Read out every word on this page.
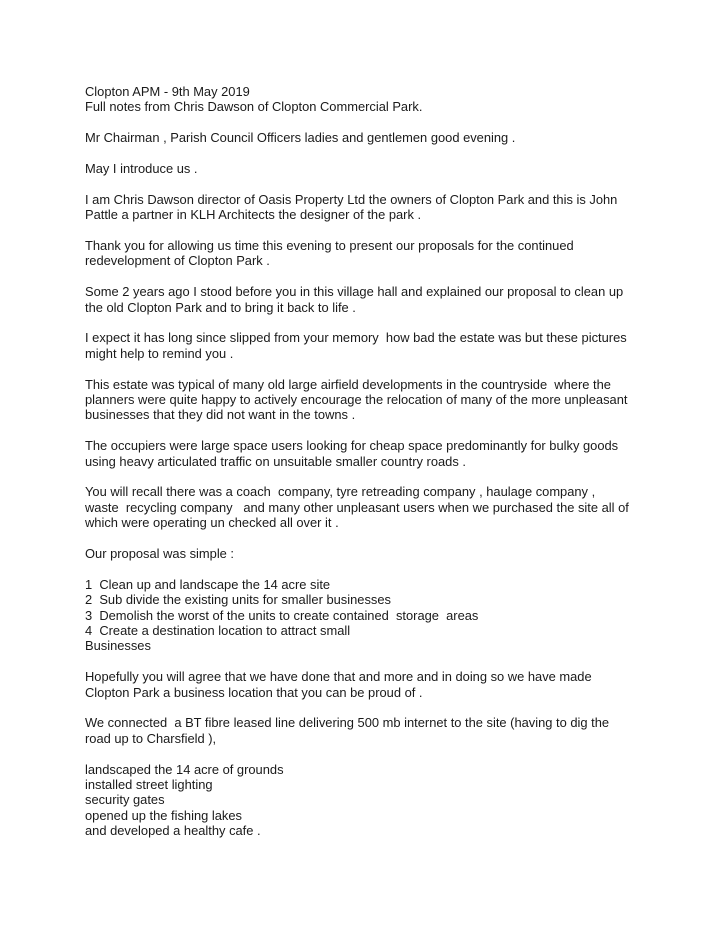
Clopton APM - 9th May 2019
Full notes from Chris Dawson of Clopton Commercial Park.

Mr Chairman , Parish Council Officers ladies and gentlemen good evening .

May I introduce us .

I am Chris Dawson director of Oasis Property Ltd the owners of Clopton Park and this is John
Pattle a partner in KLH Architects the designer of the park .

Thank you for allowing us time this evening to present our proposals for the continued
redevelopment of Clopton Park .

Some 2 years ago I stood before you in this village hall and explained our proposal to clean up
the old Clopton Park and to bring it back to life .

I expect it has long since slipped from your memory  how bad the estate was but these pictures
might help to remind you .

This estate was typical of many old large airfield developments in the countryside  where the
planners were quite happy to actively encourage the relocation of many of the more unpleasant
businesses that they did not want in the towns .

The occupiers were large space users looking for cheap space predominantly for bulky goods
using heavy articulated traffic on unsuitable smaller country roads .

You will recall there was a coach  company, tyre retreading company , haulage company ,
waste  recycling company   and many other unpleasant users when we purchased the site all of
which were operating un checked all over it .

Our proposal was simple :

1  Clean up and landscape the 14 acre site
2  Sub divide the existing units for smaller businesses
3  Demolish the worst of the units to create contained  storage  areas
4  Create a destination location to attract small
Businesses

Hopefully you will agree that we have done that and more and in doing so we have made
Clopton Park a business location that you can be proud of .

We connected  a BT fibre leased line delivering 500 mb internet to the site (having to dig the
road up to Charsfield ),

landscaped the 14 acre of grounds
installed street lighting
security gates
opened up the fishing lakes
and developed a healthy cafe .
